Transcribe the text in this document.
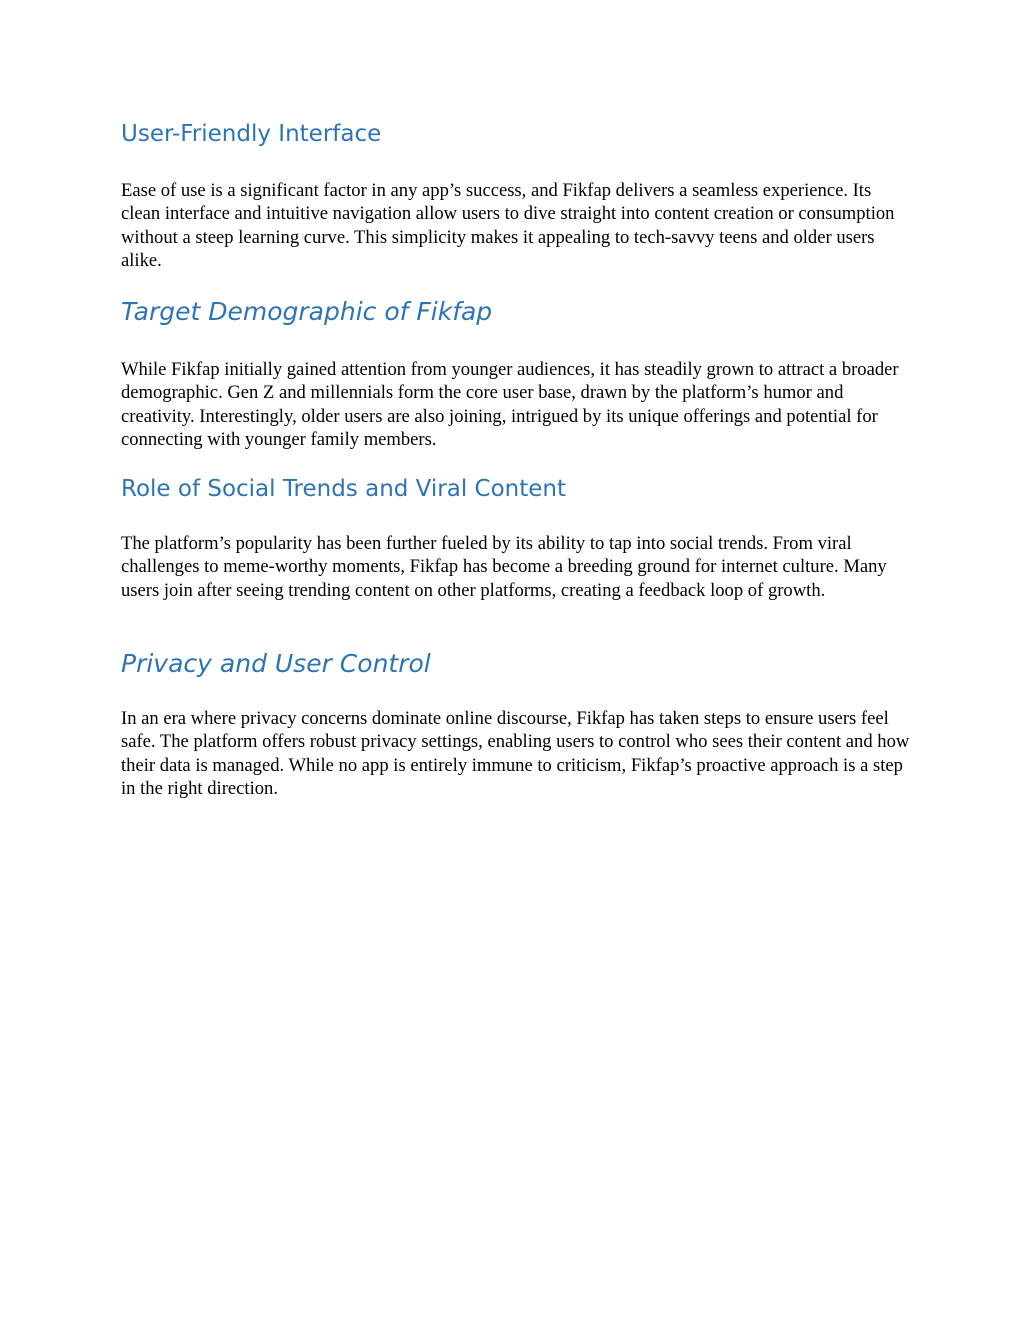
User-Friendly Interface

Ease of use is a significant factor in any app’s success, and Fikfap delivers a seamless experience. Its clean interface and intuitive navigation allow users to dive straight into content creation or consumption without a steep learning curve. This simplicity makes it appealing to tech-savvy teens and older users alike.

Target Demographic of Fikfap

While Fikfap initially gained attention from younger audiences, it has steadily grown to attract a broader demographic. Gen Z and millennials form the core user base, drawn by the platform’s humor and creativity. Interestingly, older users are also joining, intrigued by its unique offerings and potential for connecting with younger family members.

Role of Social Trends and Viral Content

The platform’s popularity has been further fueled by its ability to tap into social trends. From viral challenges to meme-worthy moments, Fikfap has become a breeding ground for internet culture. Many users join after seeing trending content on other platforms, creating a feedback loop of growth.

Privacy and User Control

In an era where privacy concerns dominate online discourse, Fikfap has taken steps to ensure users feel safe. The platform offers robust privacy settings, enabling users to control who sees their content and how their data is managed. While no app is entirely immune to criticism, Fikfap’s proactive approach is a step in the right direction.
